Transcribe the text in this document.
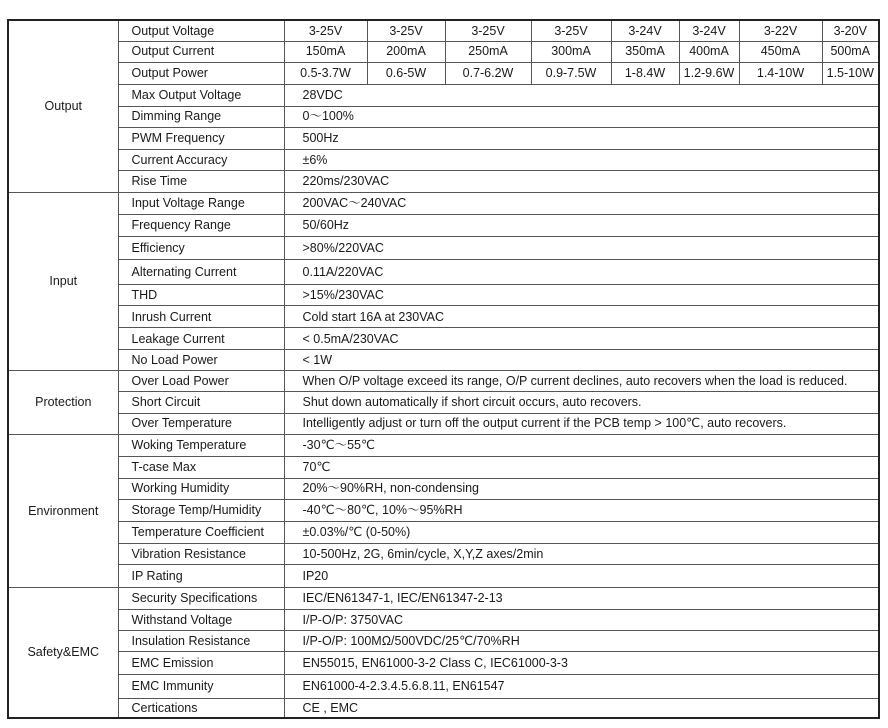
Output	Output Voltage	3-25V	3-25V	3-25V	3-25V	3-24V	3-24V	3-22V	3-20V
	Output Current	150mA	200mA	250mA	300mA	350mA	400mA	450mA	500mA
	Output Power	0.5-3.7W	0.6-5W	0.7-6.2W	0.9-7.5W	1-8.4W	1.2-9.6W	1.4-10W	1.5-10W
	Max Output Voltage	28VDC							
	Dimming Range	0～100%							
	PWM Frequency	500Hz							
	Current Accuracy	±6%							
	Rise Time	220ms/230VAC							
Input	Input Voltage Range	200VAC～240VAC							
	Frequency Range	50/60Hz							
	Efficiency	>80%/220VAC							
	Alternating Current	0.11A/220VAC							
	THD	>15%/230VAC							
	Inrush Current	Cold start 16A at 230VAC							
	Leakage Current	< 0.5mA/230VAC							
	No Load Power	< 1W							
Protection	Over Load Power	When O/P voltage exceed its range, O/P current declines, auto recovers when the load is reduced.							
	Short Circuit	Shut down automatically if short circuit occurs, auto recovers.							
	Over Temperature	Intelligently adjust or turn off the output current if the PCB temp > 100℃, auto recovers.							
Environment	Woking Temperature	-30℃～55℃							
	T-case Max	70℃							
	Working Humidity	20%～90%RH, non-condensing							
	Storage Temp/Humidity	-40℃～80℃, 10%～95%RH							
	Temperature Coefficient	±0.03%/℃ (0-50%)							
	Vibration Resistance	10-500Hz, 2G, 6min/cycle, X,Y,Z axes/2min							
	IP Rating	IP20							
Safety&EMC	Security Specifications	IEC/EN61347-1, IEC/EN61347-2-13							
	Withstand Voltage	I/P-O/P: 3750VAC							
	Insulation Resistance	I/P-O/P: 100MΩ/500VDC/25℃/70%RH							
	EMC Emission	EN55015, EN61000-3-2 Class C, IEC61000-3-3							
	EMC Immunity	EN61000-4-2.3.4.5.6.8.11, EN61547							
	Certications	CE , EMC							
